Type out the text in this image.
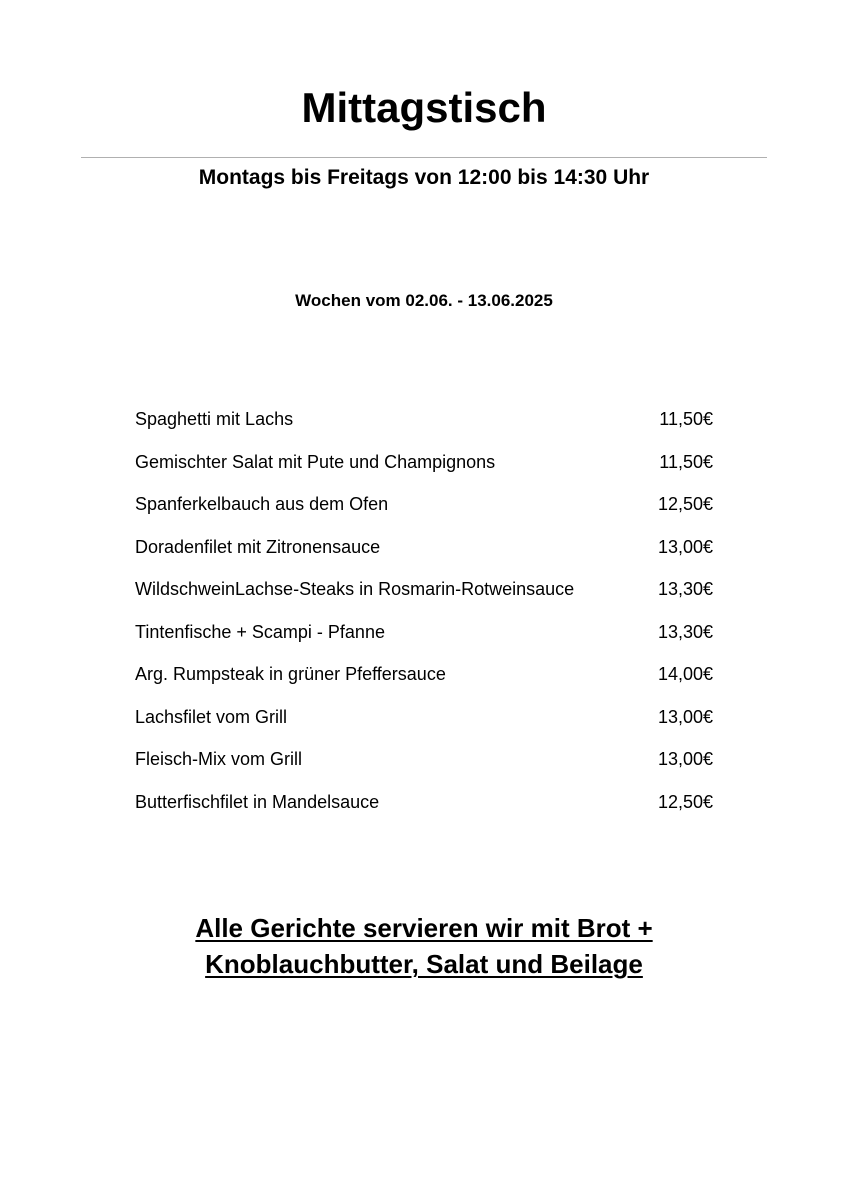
Mittagstisch
Montags bis Freitags von 12:00 bis 14:30 Uhr
Wochen vom 02.06. - 13.06.2025
Spaghetti mit Lachs	11,50€
Gemischter Salat mit Pute und Champignons	11,50€
Spanferkelbauch aus dem Ofen	12,50€
Doradenfilet mit Zitronensauce	13,00€
WildschweinLachse-Steaks in Rosmarin-Rotweinsauce	13,30€
Tintenfische + Scampi - Pfanne	13,30€
Arg. Rumpsteak in grüner Pfeffersauce	14,00€
Lachsfilet vom Grill	13,00€
Fleisch-Mix vom Grill	13,00€
Butterfischfilet in Mandelsauce	12,50€
Alle Gerichte servieren wir mit Brot +
Knoblauchbutter, Salat und Beilage
